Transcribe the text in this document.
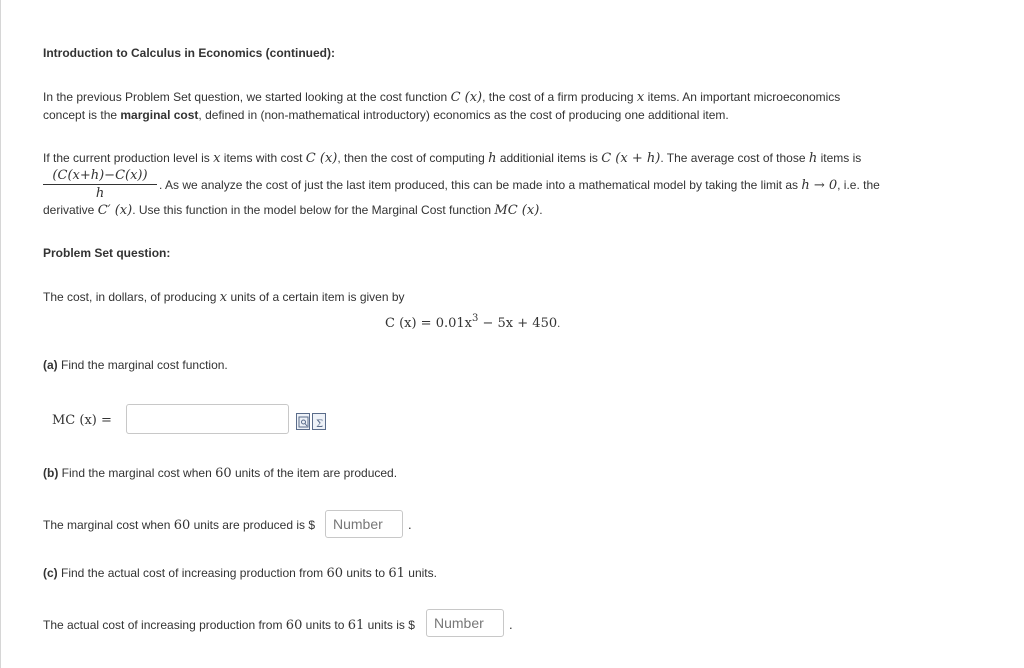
Introduction to Calculus in Economics (continued):
In the previous Problem Set question, we started looking at the cost function C (x), the cost of a firm producing x items. An important microeconomics
concept is the marginal cost, defined in (non-mathematical introductory) economics as the cost of producing one additional item.
If the current production level is x items with cost C (x), then the cost of computing h additionial items is C (x + h). The average cost of those h items is
$\frac{(C(x+h)-C(x))}{h}$ . As we analyze the cost of just the last item produced, this can be made into a mathematical model by taking the limit as h → 0, i.e. the
derivative C′ (x). Use this function in the model below for the Marginal Cost function MC (x).
Problem Set question:
The cost, in dollars, of producing x units of a certain item is given by
C $(x) = 0.01x^3 - 5x + 450$.
(a) Find the marginal cost function.
MC (x) =	Σ
(b) Find the marginal cost when 60 units of the item are produced.
The marginal cost when 60 units are produced is $
Number	.
(c) Find the actual cost of increasing production from 60 units to 61 units.
The actual cost of increasing production from 60 units to 61 units is $
Number	.
